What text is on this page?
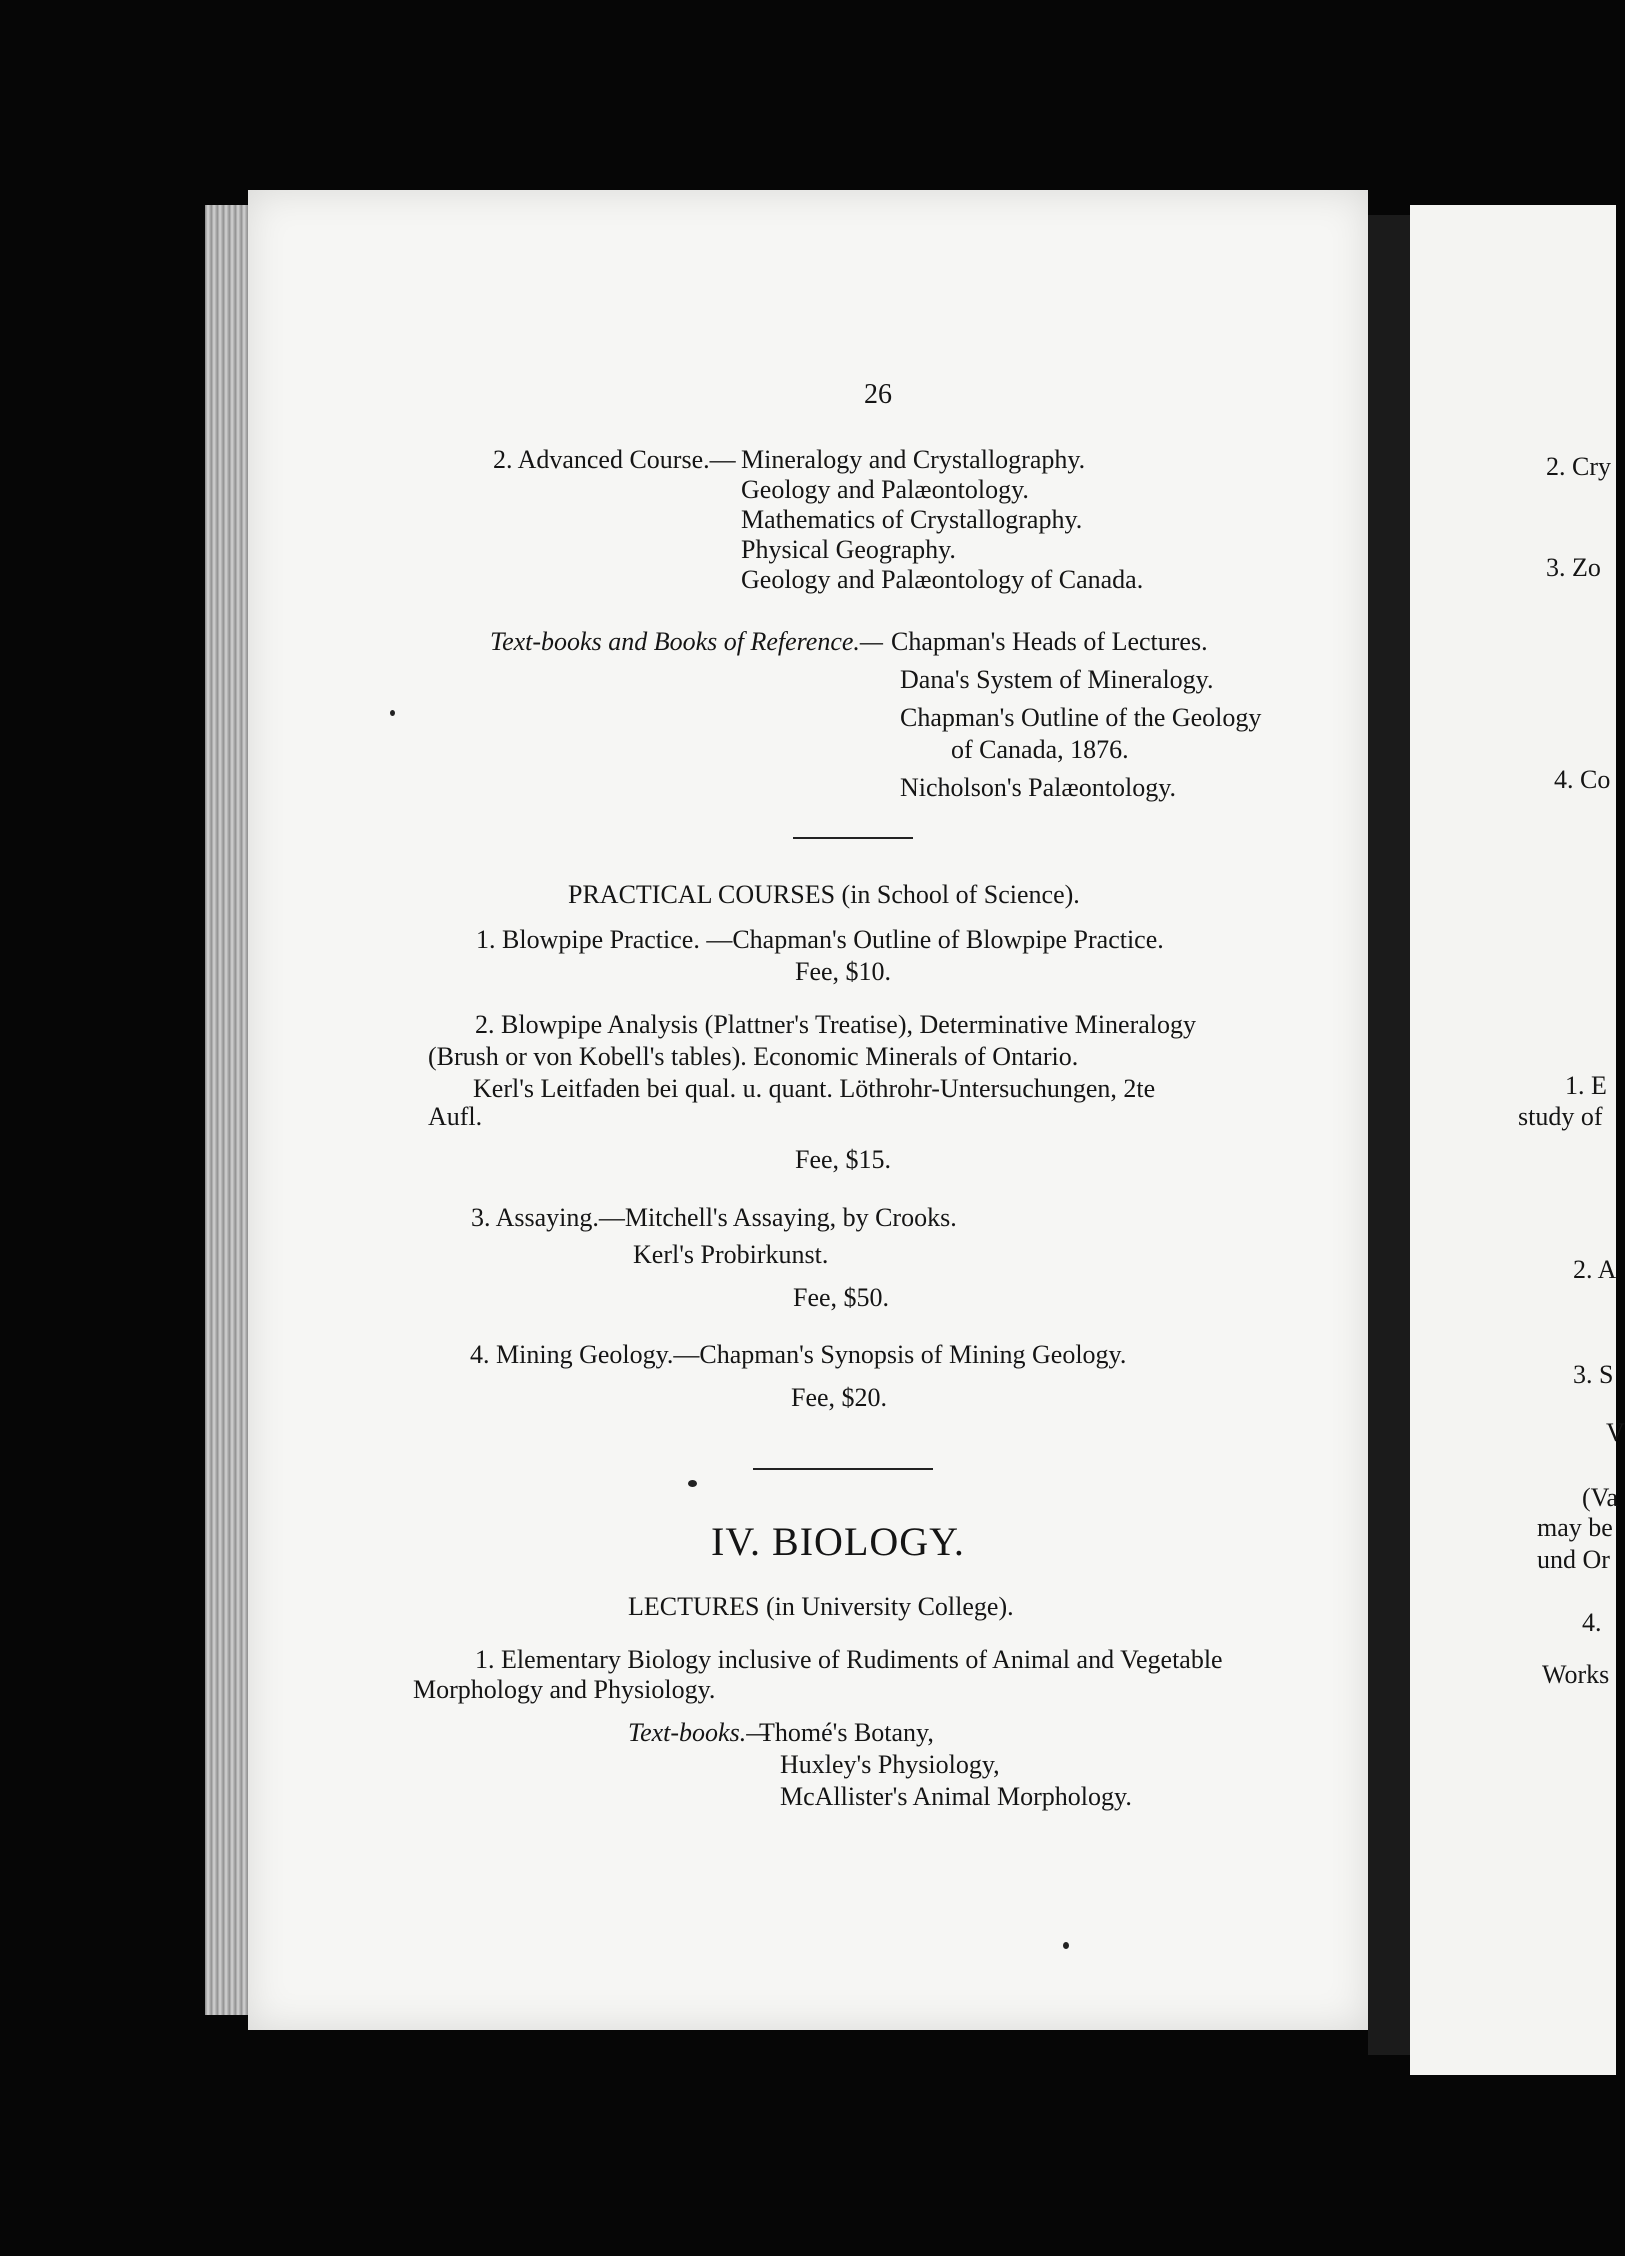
26
2. Advanced Course.— Mineralogy and Crystallography.
Geology and Palæontology.
Mathematics of Crystallography.
Physical Geography.
Geology and Palæontology of Canada.
Text-books and Books of Reference.— Chapman's Heads of Lectures.
Dana's System of Mineralogy.
Chapman's Outline of the Geology
of Canada, 1876.
Nicholson's Palæontology.
PRACTICAL COURSES (in School of Science).
1. Blowpipe Practice. —Chapman's Outline of Blowpipe Practice.
Fee, $10.
2. Blowpipe Analysis (Plattner's Treatise), Determinative Mineralogy
(Brush or von Kobell's tables). Economic Minerals of Ontario.
Kerl's Leitfaden bei qual. u. quant. Löthrohr-Untersuchungen, 2te
Aufl.
Fee, $15.
3. Assaying.—Mitchell's Assaying, by Crooks.
Kerl's Probirkunst.
Fee, $50.
4. Mining Geology.—Chapman's Synopsis of Mining Geology.
Fee, $20.
IV. BIOLOGY.
LECTURES (in University College).
1. Elementary Biology inclusive of Rudiments of Animal and Vegetable
Morphology and Physiology.
Text-books.—
Thomé's Botany,
Huxley's Physiology,
McAllister's Animal Morphology.
2. Cry
3. Zo
4. Co
1. E
study of
2. A
3. S
V
(Va
may be
und Or
4.
Works
